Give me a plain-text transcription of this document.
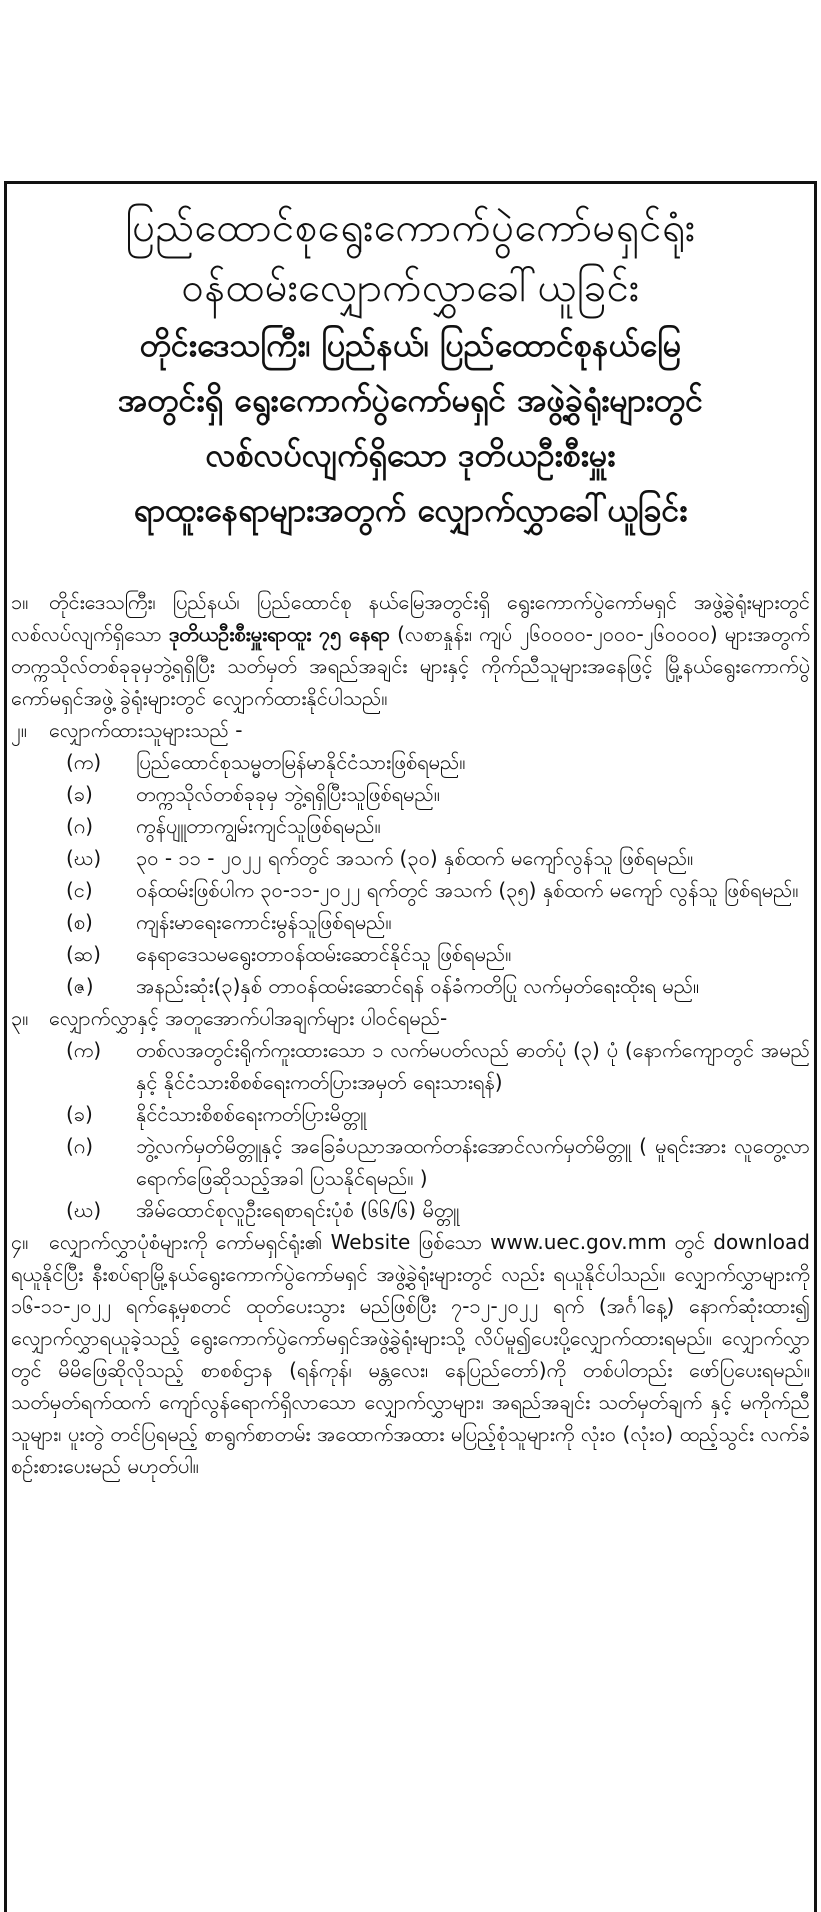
ပြည်ထောင်စုရွေးကောက်ပွဲကော်မရှင်ရုံး
ဝန်ထမ်းလျှောက်လွှာခေါ်ယူခြင်း
တိုင်းဒေသကြီး၊ ပြည်နယ်၊ ပြည်ထောင်စုနယ်မြေ
အတွင်းရှိ ရွေးကောက်ပွဲကော်မရှင် အဖွဲ့ခွဲရုံးများတွင်
လစ်လပ်လျက်ရှိသော ဒုတိယဦးစီးမှူး
ရာထူးနေရာများအတွက် လျှောက်လွှာခေါ်ယူခြင်း

၁။ တိုင်းဒေသကြီး၊ ပြည်နယ်၊ ပြည်ထောင်စု နယ်မြေအတွင်းရှိ ရွေးကောက်ပွဲကော်မရှင် အဖွဲ့ခွဲရုံးများတွင် လစ်လပ်လျက်ရှိသော ဒုတိယဦးစီးမှူးရာထူး ၇၅ နေရာ (လစာနှုန်း၊ ကျပ် ၂၆၀၀၀၀-၂၀၀၀-၂၆၀၀၀၀) များအတွက် တက္ကသိုလ်တစ်ခုခုမှဘွဲ့ရရှိပြီး သတ်မှတ် အရည်အချင်း များနှင့် ကိုက်ညီသူများအနေဖြင့် မြို့နယ်ရွေးကောက်ပွဲကော်မရှင်အဖွဲ့ ခွဲရုံးများတွင် လျှောက်ထားနိုင်ပါသည်။

၂။ လျှောက်ထားသူများသည် -

(က)	ပြည်ထောင်စုသမ္မတမြန်မာနိုင်ငံသားဖြစ်ရမည်။
(ခ)	တက္ကသိုလ်တစ်ခုခုမှ ဘွဲ့ရရှိပြီးသူဖြစ်ရမည်။
(ဂ)	ကွန်ပျူတာကျွမ်းကျင်သူဖြစ်ရမည်။
(ဃ)	၃၀ - ၁၁ - ၂၀၂၂ ရက်တွင် အသက် (၃၀) နှစ်ထက် မကျော်လွန်သူ ဖြစ်ရမည်။
(င)	ဝန်ထမ်းဖြစ်ပါက ၃၀-၁၁-၂၀၂၂ ရက်တွင် အသက် (၃၅) နှစ်ထက် မကျော် လွန်သူ ဖြစ်ရမည်။
(စ)	ကျန်းမာရေးကောင်းမွန်သူဖြစ်ရမည်။
(ဆ)	နေရာဒေသမရွေးတာဝန်ထမ်းဆောင်နိုင်သူ ဖြစ်ရမည်။
(ဇ)	အနည်းဆုံး(၃)နှစ် တာဝန်ထမ်းဆောင်ရန် ဝန်ခံကတိပြု လက်မှတ်ရေးထိုးရ မည်။

၃။ လျှောက်လွှာနှင့် အတူအောက်ပါအချက်များ ပါဝင်ရမည်-

(က)	တစ်လအတွင်းရိုက်ကူးထားသော ၁ လက်မပတ်လည် ဓာတ်ပုံ (၃) ပုံ (နောက်ကျောတွင် အမည်နှင့် နိုင်ငံသားစိစစ်ရေးကတ်ပြားအမှတ် ရေးသားရန်)
(ခ)	နိုင်ငံသားစိစစ်ရေးကတ်ပြားမိတ္တူ
(ဂ)	ဘွဲ့လက်မှတ်မိတ္တူနှင့် အခြေခံပညာအထက်တန်းအောင်လက်မှတ်မိတ္တူ ( မူရင်းအား လူတွေ့လာရောက်ဖြေဆိုသည့်အခါ ပြသနိုင်ရမည်။ )
(ဃ)	အိမ်ထောင်စုလူဦးရေစာရင်းပုံစံ (၆၆/၆) မိတ္တူ

၄။ လျှောက်လွှာပုံစံများကို ကော်မရှင်ရုံး၏ Website ဖြစ်သော www.uec.gov.mm တွင် download ရယူနိုင်ပြီး နီးစပ်ရာမြို့နယ်ရွေးကောက်ပွဲကော်မရှင် အဖွဲ့ခွဲရုံးများတွင် လည်း ရယူနိုင်ပါသည်။ လျှောက်လွှာများကို ၁၆-၁၁-၂၀၂၂ ရက်နေ့မှစတင် ထုတ်ပေးသွား မည်ဖြစ်ပြီး ၇-၁၂-၂၀၂၂ ရက် (အင်္ဂါနေ့) နောက်ဆုံးထား၍ လျှောက်လွှာရယူခဲ့သည့် ရွေးကောက်ပွဲကော်မရှင်အဖွဲ့ခွဲရုံးများသို့ လိပ်မူ၍ပေးပို့လျှောက်ထားရမည်။ လျှောက်လွှာ တွင် မိမိဖြေဆိုလိုသည့် စာစစ်ဌာန (ရန်ကုန်၊ မန္တလေး၊ နေပြည်တော်)ကို တစ်ပါတည်း ဖော်ပြပေးရမည်။ သတ်မှတ်ရက်ထက် ကျော်လွန်ရောက်ရှိလာသော လျှောက်လွှာများ၊ အရည်အချင်း သတ်မှတ်ချက် နှင့် မကိုက်ညီသူများ၊ ပူးတွဲ တင်ပြရမည့် စာရွက်စာတမ်း အထောက်အထား မပြည့်စုံသူများကို လုံး၀ (လုံး၀) ထည့်သွင်း လက်ခံ စဉ်းစားပေးမည် မဟုတ်ပါ။
